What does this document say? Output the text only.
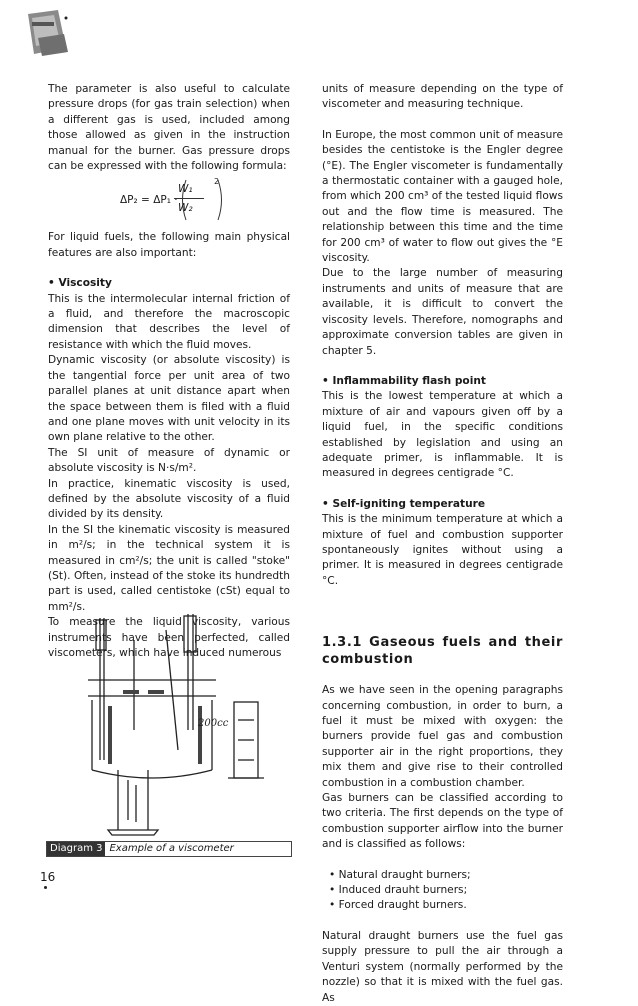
The parameter is also useful to calculate pressure drops (for gas train selection) when a different gas is used, included among those allowed as given in the instruction manual for the burner. Gas pressure drops can be expressed with the following formula:

ΔP₂ = ΔP₁ ·
W₁
W₂
2

For liquid fuels, the following main physical features are also important:

• Viscosity

This is the intermolecular internal friction of a fluid, and therefore the macroscopic dimension that describes the level of resistance with which the fluid moves.

Dynamic viscosity (or absolute viscosity) is the tangential force per unit area of two parallel planes at unit distance apart when the space between them is filed with a fluid and one plane moves with unit velocity in its own plane relative to the other.

The SI unit of measure of dynamic or absolute viscosity is N·s/m².

In practice, kinematic viscosity is used, defined by the absolute viscosity of a fluid divided by its density.

In the SI the kinematic viscosity is measured in m²/s; in the technical system it is measured in cm²/s; the unit is called "stoke" (St). Often, instead of the stoke its hundredth part is used, called centistoke (cSt) equal to mm²/s.

To measure the liquid viscosity, various instruments have been perfected, called viscometers, which have induced numerous

200cc
Diagram 3 Example of a viscometer

units of measure depending on the type of viscometer and measuring technique.

In Europe, the most common unit of measure besides the centistoke is the Engler degree (°E). The Engler viscometer is fundamentally a thermostatic container with a gauged hole, from which 200 cm³ of the tested liquid flows out and the flow time is measured. The relationship between this time and the time for 200 cm³ of water to flow out gives the °E viscosity.

Due to the large number of measuring instruments and units of measure that are available, it is difficult to convert the viscosity levels. Therefore, nomographs and approximate conversion tables are given in chapter 5.

• Inflammability flash point

This is the lowest temperature at which a mixture of air and vapours given off by a liquid fuel, in the specific conditions established by legislation and using an adequate primer, is inflammable. It is measured in degrees centigrade °C.

• Self-igniting temperature

This is the minimum temperature at which a mixture of fuel and combustion supporter spontaneously ignites without using a primer. It is measured in degrees centigrade °C.

1.3.1 Gaseous fuels and their combustion

As we have seen in the opening paragraphs concerning combustion, in order to burn, a fuel it must be mixed with oxygen: the burners provide fuel gas and combustion supporter air in the right proportions, they mix them and give rise to their controlled combustion in a combustion chamber.

Gas burners can be classified according to two criteria. The first depends on the type of combustion supporter airflow into the burner and is classified as follows:

• Natural draught burners;
• Induced drauht burners;
• Forced draught burners.

Natural draught burners use the fuel gas supply pressure to pull the air through a Venturi system (normally performed by the nozzle) so that it is mixed with the fuel gas. As

16
